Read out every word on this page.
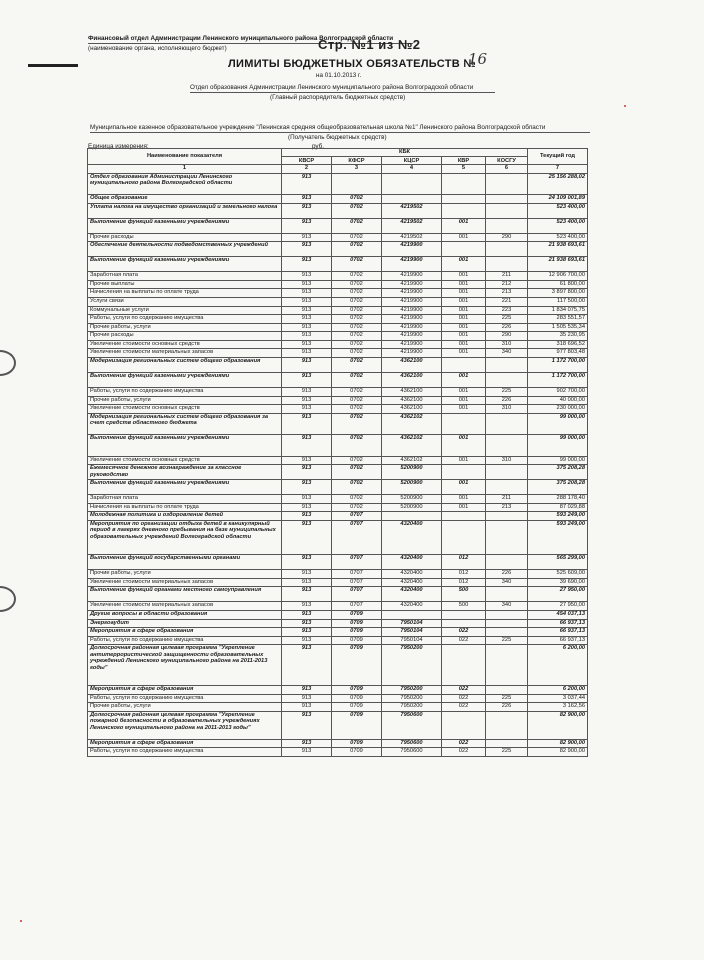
Финансовый отдел Администрации Ленинского муниципального района Волгоградской области
(наименование органа, исполняющего бюджет)	Стр. №1 из №2
ЛИМИТЫ БЮДЖЕТНЫХ ОБЯЗАТЕЛЬСТВ №
16
на 01.10.2013 г.
Отдел образования Администрации Ленинского муниципального района Волгоградской области
(Главный распорядитель бюджетных средств)
Муниципальное казенное образовательное учреждение "Ленинская средняя общеобразовательная школа №1" Ленинского района Волгоградской области
(Получатель бюджетных средств)
Единица измерения:	руб.
Наименование показателя	КБК					Текущий год
	КВСР	КФСР	КЦСР	КВР	КОСГУ	
1	2	3	4	5	6	7
Отдел образования Администрации Ленинского муниципального района Волгоградской области	913					25 156 288,02
Общее образование	913	0702				24 109 001,89
Уплата налога на имущество организаций и земельного налога	913	0702	4219502			523 400,00
Выполнение функций казенными учреждениями	913	0702	4219502	001		523 400,00
Прочие расходы	913	0702	4219502	001	290	523 400,00
Обеспечение деятельности подведомственных учреждений	913	0702	4219900			21 938 693,61
Выполнение функций казенными учреждениями	913	0702	4219900	001		21 938 693,61
Заработная плата	913	0702	4219900	001	211	12 906 700,00
Прочие выплаты	913	0702	4219900	001	212	61 800,00
Начисления на выплаты по оплате труда	913	0702	4219900	001	213	3 897 800,00
Услуги связи	913	0702	4219900	001	221	117 500,00
Коммунальные услуги	913	0702	4219900	001	223	1 834 075,75
Работы, услуги по содержанию имущества	913	0702	4219900	001	225	283 551,57
Прочие работы, услуги	913	0702	4219900	001	226	1 505 535,34
Прочие расходы	913	0702	4219900	001	290	35 230,95
Увеличение стоимости основных средств	913	0702	4219900	001	310	318 696,52
Увеличение стоимости материальных запасов	913	0702	4219900	001	340	977 803,48
Модернизация региональных систем общего образования	913	0702	4362100			1 172 700,00
Выполнение функций казенными учреждениями	913	0702	4362100	001		1 172 700,00
Работы, услуги по содержанию имущества	913	0702	4362100	001	225	902 700,00
Прочие работы, услуги	913	0702	4362100	001	226	40 000,00
Увеличение стоимости основных средств	913	0702	4362100	001	310	230 000,00
Модернизация региональных систем общего образования за счет средств областного бюджета	913	0702	4362102			99 000,00
Выполнение функций казенными учреждениями	913	0702	4362102	001		99 000,00
Увеличение стоимости основных средств	913	0702	4362102	001	310	99 000,00
Ежемесячное денежное вознаграждение за классное руководство	913	0702	5200900			375 208,28
Выполнение функций казенными учреждениями	913	0702	5200900	001		375 208,28
Заработная плата	913	0702	5200900	001	211	288 178,40
Начисления на выплаты по оплате труда	913	0702	5200900	001	213	87 029,88
Молодежная политика и оздоровление детей	913	0707				593 249,00
Мероприятия по организации отдыха детей в каникулярный период в лагерях дневного пребывания на базе муниципальных образовательных учреждений Волгоградской области	913	0707	4320400			593 249,00
Выполнение функций государственными органами	913	0707	4320400	012		565 299,00
Прочие работы, услуги	913	0707	4320400	012	226	525 609,00
Увеличение стоимости материальных запасов	913	0707	4320400	012	340	39 690,00
Выполнение функций органами местного самоуправления	913	0707	4320400	500		27 950,00
Увеличение стоимости материальных запасов	913	0707	4320400	500	340	27 950,00
Другие вопросы в области образования	913	0709				454 037,13
Энергоаудит	913	0709	7950104			66 937,13
Мероприятия в сфере образования	913	0709	7950104	022		66 937,13
Работы, услуги по содержанию имущества	913	0709	7950104	022	225	66 937,13
Долгосрочная районная целевая программа "Укрепление антитеррористической защищенности образовательных учреждений Ленинского муниципального района на 2011-2013 годы"	913	0709	7950200			6 200,00
Мероприятия в сфере образования	913	0709	7950200	022		6 200,00
Работы, услуги по содержанию имущества	913	0709	7950200	022	225	3 037,44
Прочие работы, услуги	913	0709	7950200	022	226	3 162,56
Долгосрочная районная целевая программа "Укрепление пожарной безопасности в образовательных учреждениях Ленинского муниципального района на 2011-2013 годы"	913	0709	7950600			82 900,00
Мероприятия в сфере образования	913	0709	7950600	022		82 900,00
Работы, услуги по содержанию имущества	913	0709	7950600	022	225	82 900,00
